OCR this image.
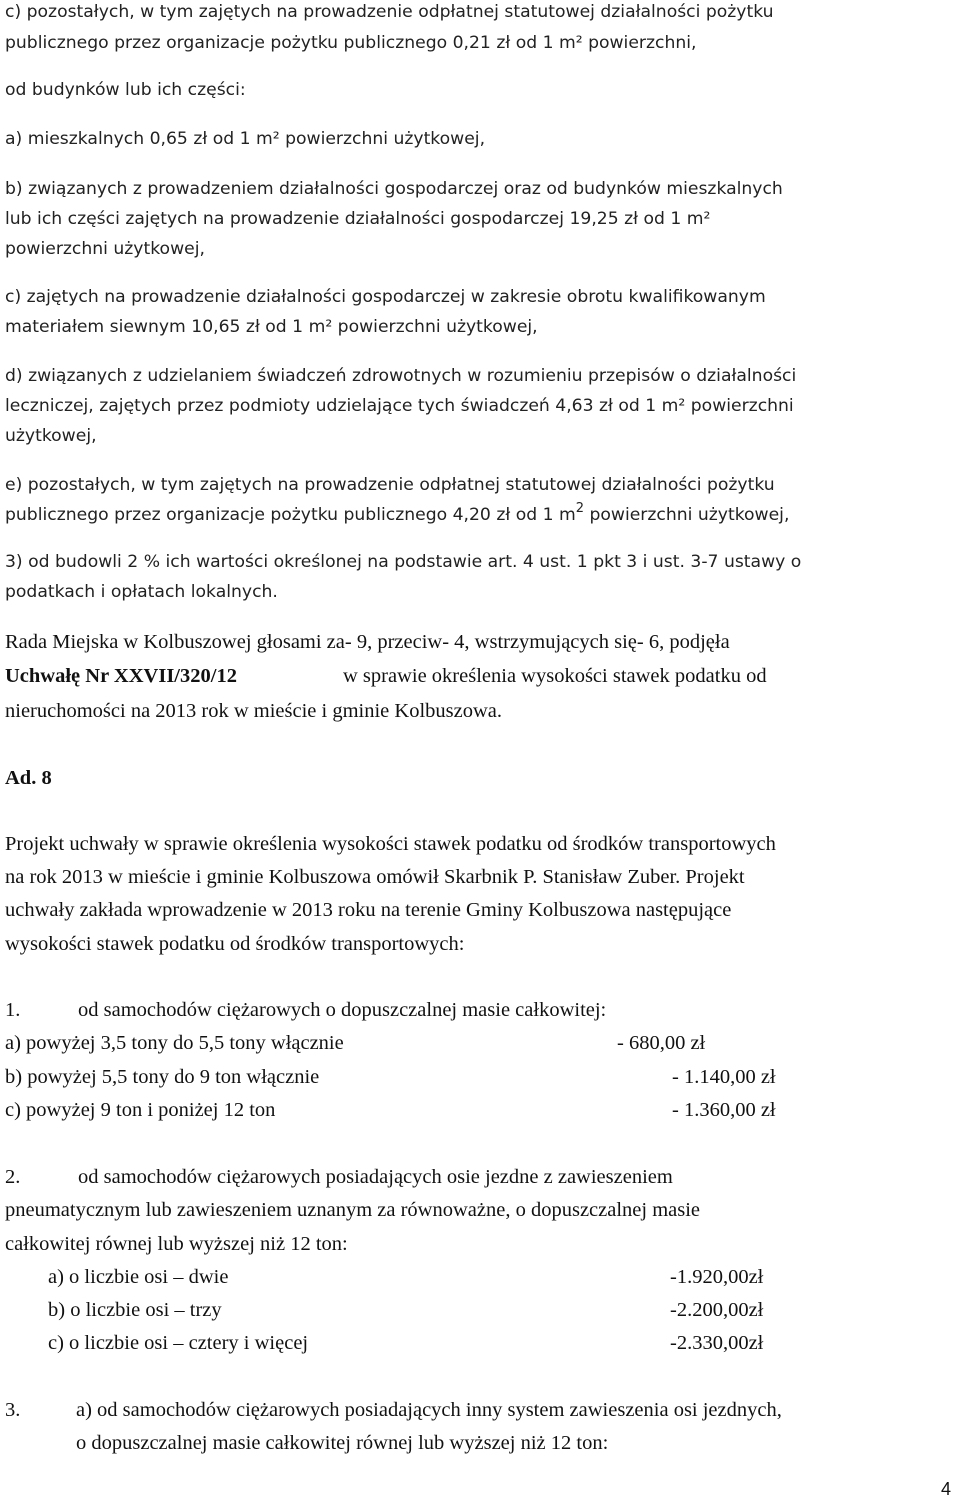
c) pozostałych, w tym zajętych na prowadzenie odpłatnej statutowej działalności pożytku
publicznego przez organizacje pożytku publicznego 0,21 zł od 1 m² powierzchni,
od budynków lub ich części:
a) mieszkalnych 0,65 zł od 1 m² powierzchni użytkowej,
b) związanych z prowadzeniem działalności gospodarczej oraz od budynków mieszkalnych
lub ich części zajętych na prowadzenie działalności gospodarczej 19,25 zł od 1 m²
powierzchni użytkowej,
c) zajętych na prowadzenie działalności gospodarczej w zakresie obrotu kwalifikowanym
materiałem siewnym 10,65 zł od 1 m² powierzchni użytkowej,
d) związanych z udzielaniem świadczeń zdrowotnych w rozumieniu przepisów o działalności
leczniczej, zajętych przez podmioty udzielające tych świadczeń 4,63 zł od 1 m² powierzchni
użytkowej,
e) pozostałych, w tym zajętych na prowadzenie odpłatnej statutowej działalności pożytku
publicznego przez organizacje pożytku publicznego 4,20 zł od 1 $m^2$ powierzchni użytkowej,
3) od budowli 2 % ich wartości określonej na podstawie art. 4 ust. 1 pkt 3 i ust. 3-7 ustawy o
podatkach i opłatach lokalnych.
Rada Miejska w Kolbuszowej głosami za- 9, przeciw- 4, wstrzymujących się- 6, podjęła
Uchwałę Nr XXVII/320/12	w sprawie określenia wysokości stawek podatku od
nieruchomości na 2013 rok w mieście i gminie Kolbuszowa.
Ad. 8
Projekt uchwały w sprawie określenia wysokości stawek podatku od środków transportowych
na rok 2013 w mieście i gminie Kolbuszowa omówił Skarbnik P. Stanisław Zuber. Projekt
uchwały zakłada wprowadzenie w 2013 roku na terenie Gminy Kolbuszowa następujące
wysokości stawek podatku od środków transportowych:
1.	od samochodów ciężarowych o dopuszczalnej masie całkowitej:
a) powyżej 3,5 tony do 5,5 tony włącznie	- 680,00 zł
b) powyżej 5,5 tony do 9 ton włącznie	- 1.140,00 zł
c) powyżej 9 ton i poniżej 12 ton	- 1.360,00 zł
2.	od samochodów ciężarowych posiadających osie jezdne z zawieszeniem
pneumatycznym lub zawieszeniem uznanym za równoważne, o dopuszczalnej masie
całkowitej równej lub wyższej niż 12 ton:
a) o liczbie osi – dwie	-1.920,00zł
b) o liczbie osi – trzy	-2.200,00zł
c) o liczbie osi – cztery i więcej	-2.330,00zł
3.	a) od samochodów ciężarowych posiadających inny system zawieszenia osi jezdnych,
o dopuszczalnej masie całkowitej równej lub wyższej niż 12 ton:
4
